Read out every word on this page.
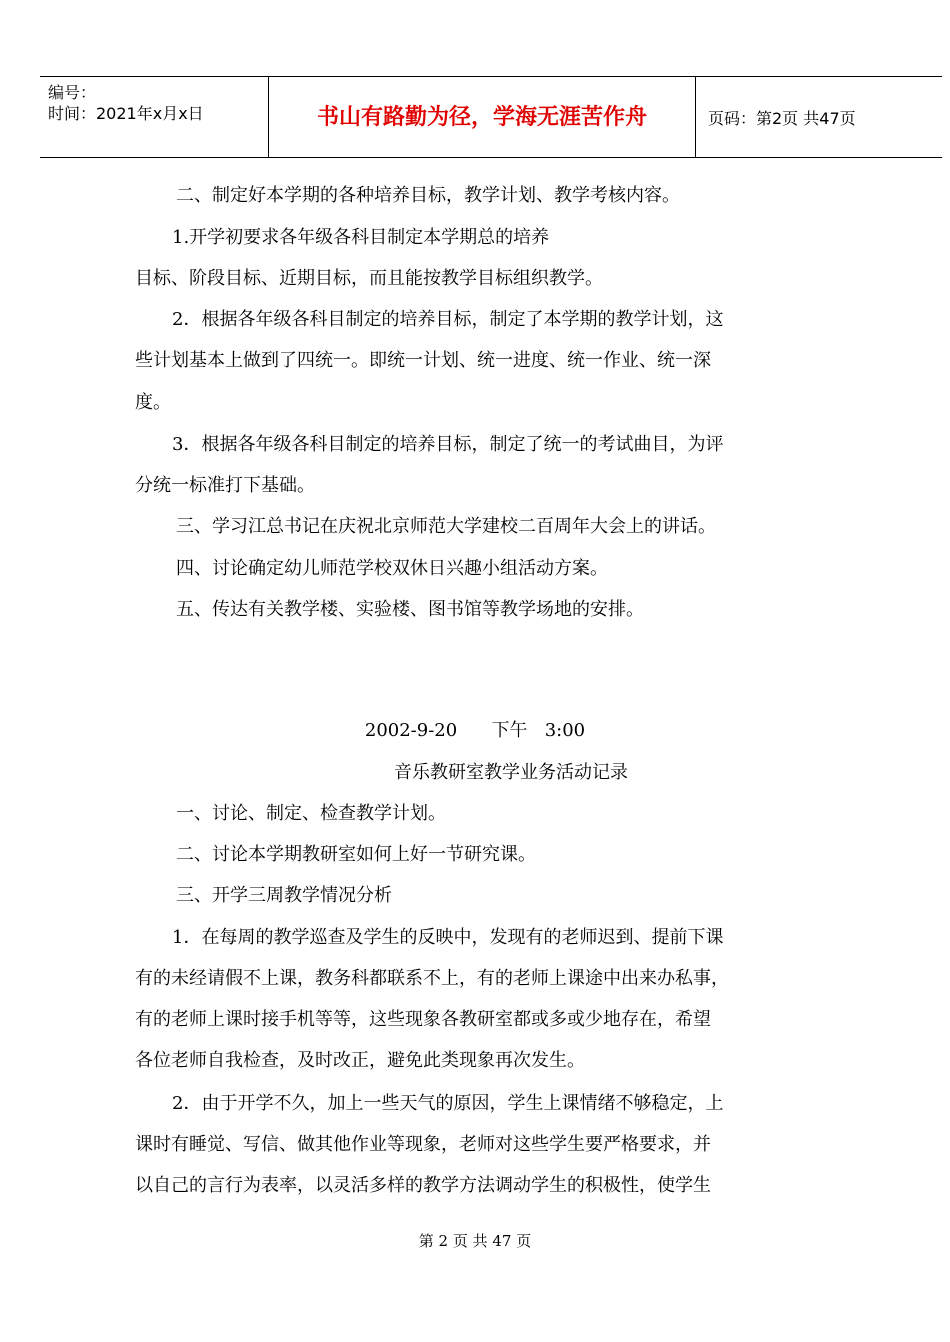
编号：
时间：2021年x月x日	书山有路勤为径，学海无涯苦作舟	页码：第2页 共47页
二、制定好本学期的各种培养目标，教学计划、教学考核内容。
1.开学初要求各年级各科目制定本学期总的培养
目标、阶段目标、近期目标，而且能按教学目标组织教学。
2．根据各年级各科目制定的培养目标，制定了本学期的教学计划，这
些计划基本上做到了四统一。即统一计划、统一进度、统一作业、统一深
度。
3．根据各年级各科目制定的培养目标，制定了统一的考试曲目，为评
分统一标准打下基础。
三、学习江总书记在庆祝北京师范大学建校二百周年大会上的讲话。
四、讨论确定幼儿师范学校双休日兴趣小组活动方案。
五、传达有关教学楼、实验楼、图书馆等教学场地的安排。
2002-9-20      下午   3:00
音乐教研室教学业务活动记录
一、讨论、制定、检查教学计划。
二、讨论本学期教研室如何上好一节研究课。
三、开学三周教学情况分析
1．在每周的教学巡查及学生的反映中，发现有的老师迟到、提前下课
有的未经请假不上课，教务科都联系不上，有的老师上课途中出来办私事，
有的老师上课时接手机等等，这些现象各教研室都或多或少地存在，希望
各位老师自我检查，及时改正，避免此类现象再次发生。
2．由于开学不久，加上一些天气的原因，学生上课情绪不够稳定，上
课时有睡觉、写信、做其他作业等现象，老师对这些学生要严格要求，并
以自己的言行为表率，以灵活多样的教学方法调动学生的积极性，使学生
第 2 页 共 47 页
